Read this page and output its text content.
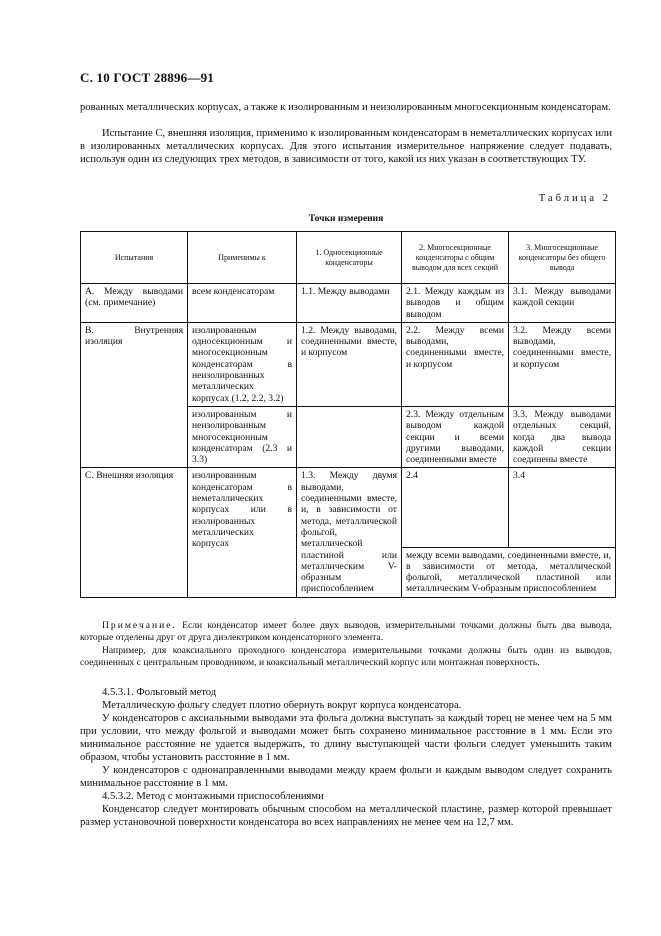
С. 10 ГОСТ 28896—91

рованных металлических корпусах, а также к изолированным и неизолированным многосекционным конденсаторам.

Испытание С, внешняя изоляция, применимо к изолированным конденсаторам в неметаллических корпусах или в изолированных металлических корпусах. Для этого испытания измерительное напряжение следует подавать, используя один из следующих трех методов, в зависимости от того, какой из них указан в соответствующих ТУ.

Таблица 2
Точки измерения
Испытания	Применимы к	1. Односекционные конденсаторы	2. Многосекционные конденсаторы с общим выводом для всех секций	3. Многосекционные конденсаторы без общего вывода
А. Между выводами (см. примечание)	всем конденсаторам	1.1. Между выводами	2.1. Между каждым из выводов и общим выводом	3.1. Между выводами каждой секции
В. Внутренняя изоляция	изолированным односекционным и многосекционным конденсаторам в неизолированных металлических корпусах (1.2, 2.2, 3.2)	1.2. Между выводами, соединенными вместе, и корпусом	2.2. Между всеми выводами, соединенными вместе, и корпусом	3.2. Между всеми выводами, соединенными вместе, и корпусом
	изолированным и неизолированным многосекционным конденсаторам (2.3 и 3.3)		2.3. Между отдельным выводом каждой секции и всеми другими выводами, соединенными вместе	3.3. Между выводами отдельных секций, когда два вывода каждой секции соединены вместе
С. Внешняя изоляция	изолированным конденсаторам в неметаллических корпусах или в изолированных металлических корпусах	1.3. Между двумя выводами, соединенными вместе, и, в зависимости от метода, металлической фольгой, металлической пластиной или металлическим V-образным приспособлением	2.4	3.4
			между всеми выводами, соединенными вместе, и, в зависимости от метода, металлической фольгой, металлической пластиной или металлическим V-образным приспособлением	

Примечание. Если конденсатор имеет более двух выводов, измерительными точками должны быть два вывода, которые отделены друг от друга диэлектриком конденсаторного элемента.

Например, для коаксиального проходного конденсатора измерительными точками должны быть один из выводов, соединенных с центральным проводником, и коаксиальный металлический корпус или монтажная поверхность.

4.5.3.1. Фольговый метод

Металлическую фольгу следует плотно обернуть вокруг корпуса конденсатора.

У конденсаторов с аксиальными выводами эта фольга должна выступать за каждый торец не менее чем на 5 мм при условии, что между фольгой и выводами может быть сохранено минимальное расстояние в 1 мм. Если это минимальное расстояние не удается выдержать, то длину выступающей части фольги следует уменьшить таким образом, чтобы установить расстояние в 1 мм.

У конденсаторов с однонаправленными выводами между краем фольги и каждым выводом следует сохранить минимальное расстояние в 1 мм.

4.5.3.2. Метод с монтажными приспособлениями

Конденсатор следует монтировать обычным способом на металлической пластине, размер которой превышает размер установочной поверхности конденсатора во всех направлениях не менее чем на 12,7 мм.
